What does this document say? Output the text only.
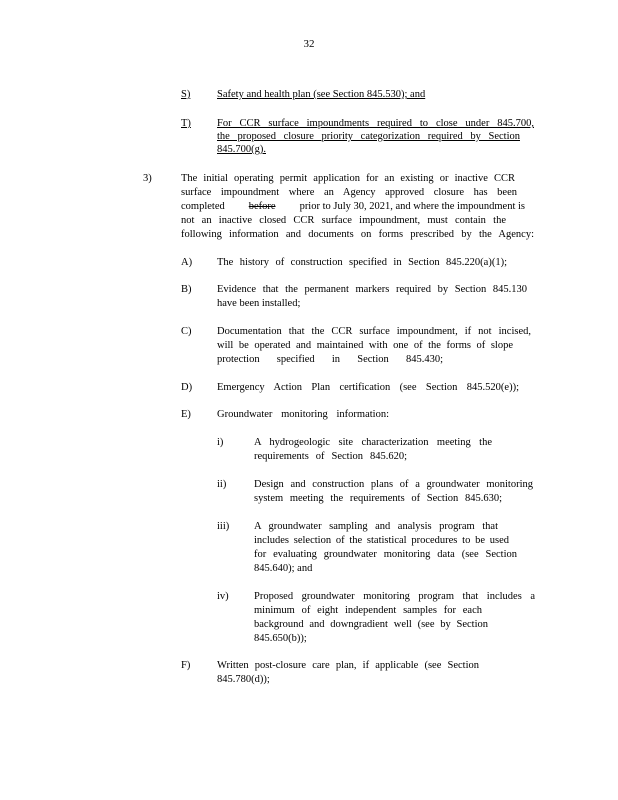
32
S)	Safety and health plan (see Section 845.530); and
T) For CCR surface impoundments required to close under 845.700,
the proposed closure priority categorization required by Section
845.700(g).
3)	The initial operating permit application for an existing or inactive CCR
surface impoundment where an Agency approved closure has been
completed before prior to July 30, 2021, and where the impoundment is
not an inactive closed CCR surface impoundment, must contain the
following information and documents on forms prescribed by the Agency:
A) The history of construction specified in Section 845.220(a)(1);
B) Evidence that the permanent markers required by Section 845.130
have been installed;
C) Documentation that the CCR surface impoundment, if not incised,
will be operated and maintained with one of the forms of slope
protection specified in Section 845.430;
D) Emergency Action Plan certification (see Section 845.520(e));
E) Groundwater monitoring information:
i)	A hydrogeologic site characterization meeting the
requirements of Section 845.620;
ii)	Design and construction plans of a groundwater monitoring
system meeting the requirements of Section 845.630;
iii) A groundwater sampling and analysis program that
includes selection of the statistical procedures to be used
for evaluating groundwater monitoring data (see Section
845.640); and
iv) Proposed groundwater monitoring program that includes a
minimum of eight independent samples for each
background and downgradient well (see by Section
845.650(b));
F)	Written post-closure care plan, if applicable (see Section
845.780(d));
